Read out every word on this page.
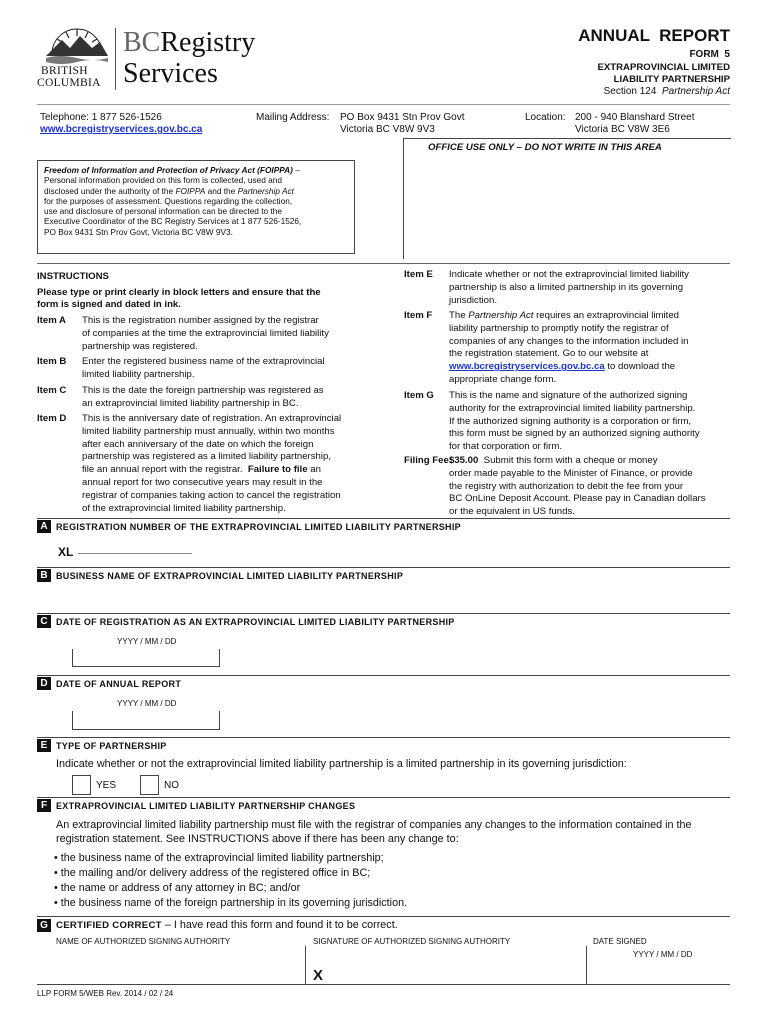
BRITISH
COLUMBIA
BCRegistry
Services
ANNUAL  REPORT
FORM  5
EXTRAPROVINCIAL LIMITED
LIABILITY PARTNERSHIP
Section 124 Partnership Act
Telephone: 1 877 526-1526
www.bcregistryservices.gov.bc.ca
Mailing Address: PO Box 9431 Stn Prov Govt
Victoria BC V8W 9V3
Location: 200 - 940 Blanshard Street
Victoria BC V8W 3E6
OFFICE USE ONLY – DO NOT WRITE IN THIS AREA
Freedom of Information and Protection of Privacy Act (FOIPPA) –
Personal information provided on this form is collected, used and
disclosed under the authority of the FOIPPA and the Partnership Act
for the purposes of assessment. Questions regarding the collection,
use and disclosure of personal information can be directed to the
Executive Coordinator of the BC Registry Services at 1 877 526-1526,
PO Box 9431 Stn Prov Govt, Victoria BC V8W 9V3.
INSTRUCTIONS
Please type or print clearly in block letters and ensure that the
form is signed and dated in ink.
Item A This is the registration number assigned by the registrar
of companies at the time the extraprovincial limited liability
partnership was registered.
Item B Enter the registered business name of the extraprovincial
limited liability partnership.
Item C This is the date the foreign partnership was registered as
an extraprovincial limited liability partnership in BC.
Item D This is the anniversary date of registration. An extraprovincial
limited liability partnership must annually, within two months
after each anniversary of the date on which the foreign
partnership was registered as a limited liability partnership,
file an annual report with the registrar.  Failure to file an
annual report for two consecutive years may result in the
registrar of companies taking action to cancel the registration
of the extraprovincial limited liability partnership.
Item E Indicate whether or not the extraprovincial limited liability
partnership is also a limited partnership in its governing
jurisdiction.
Item F The Partnership Act requires an extraprovincial limited
liability partnership to promptly notify the registrar of
companies of any changes to the information included in
the registration statement. Go to our website at
www.bcregistryservices.gov.bc.ca to download the
appropriate change form.
Item G This is the name and signature of the authorized signing
authority for the extraprovincial limited liability partnership.
If the authorized signing authority is a corporation or firm,
this form must be signed by an authorized signing authority
for that corporation or firm.
Filing Fee:
$35.00  Submit this form with a cheque or money
order made payable to the Minister of Finance, or provide
the registry with authorization to debit the fee from your
BC OnLine Deposit Account. Please pay in Canadian dollars
or the equivalent in US funds.
A REGISTRATION NUMBER OF THE EXTRAPROVINCIAL LIMITED LIABILITY PARTNERSHIP
XL
B BUSINESS NAME OF EXTRAPROVINCIAL LIMITED LIABILITY PARTNERSHIP
C DATE OF REGISTRATION AS AN EXTRAPROVINCIAL LIMITED LIABILITY PARTNERSHIP
YYYY / MM / DD
D DATE OF ANNUAL REPORT
YYYY / MM / DD
E TYPE OF PARTNERSHIP
Indicate whether or not the extraprovincial limited liability partnership is a limited partnership in its governing jurisdiction:
YES	NO
F EXTRAPROVINCIAL LIMITED LIABILITY PARTNERSHIP CHANGES
An extraprovincial limited liability partnership must file with the registrar of companies any changes to the information contained in the
registration statement. See INSTRUCTIONS above if there has been any change to:
• the business name of the extraprovincial limited liability partnership;
• the mailing and/or delivery address of the registered office in BC;
• the name or address of any attorney in BC; and/or
• the business name of the foreign partnership in its governing jurisdiction.
G CERTIFIED CORRECT – I have read this form and found it to be correct.
NAME OF AUTHORIZED SIGNING AUTHORITY	SIGNATURE OF AUTHORIZED SIGNING AUTHORITY	DATE SIGNED
YYYY / MM / DD
X
LLP FORM 5/WEB Rev. 2014 / 02 / 24
